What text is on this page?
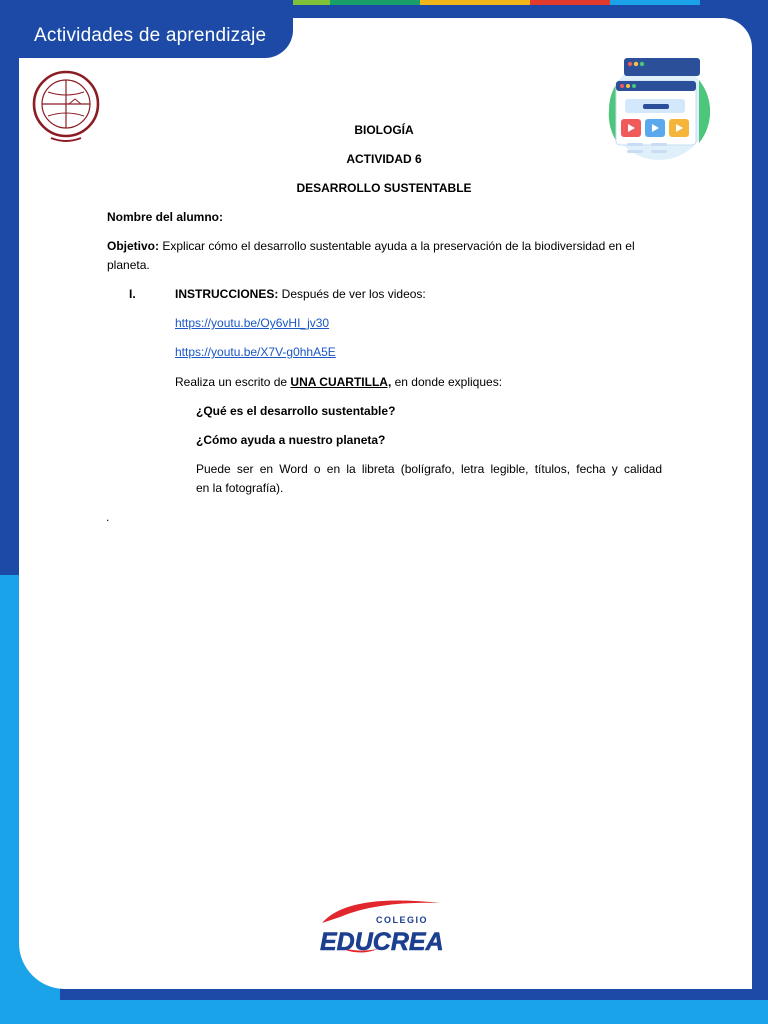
Actividades de aprendizaje
BIOLOGÍA
ACTIVIDAD 6
DESARROLLO SUSTENTABLE
Nombre del alumno:
Objetivo: Explicar cómo el desarrollo sustentable ayuda a la preservación de la biodiversidad en el
planeta.
I.	INSTRUCCIONES: Después de ver los videos:
https://youtu.be/Oy6vHI_jv30
https://youtu.be/X7V-g0hhA5E
Realiza un escrito de UNA CUARTILLA, en donde expliques:
¿Qué es el desarrollo sustentable?
¿Cómo ayuda a nuestro planeta?
Puede ser en Word o en la libreta (bolígrafo, letra legible, títulos, fecha y calidad
en la fotografía).
.
COLEGIO
EDUCREA
